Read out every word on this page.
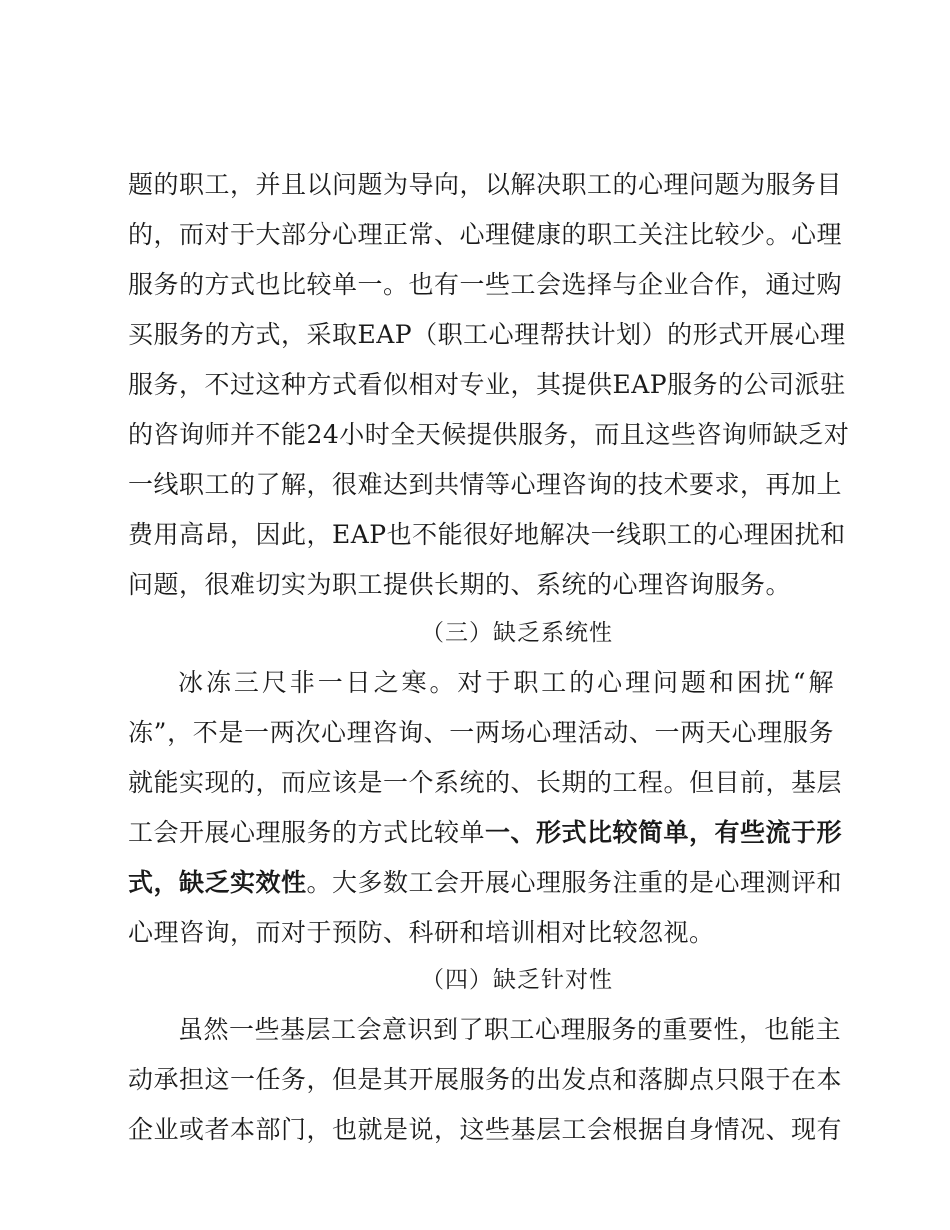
题的职工，并且以问题为导向，以解决职工的心理问题为服务目
的，而对于大部分心理正常、心理健康的职工关注比较少。心理
服务的方式也比较单一。也有一些工会选择与企业合作，通过购
买服务的方式，采取EAP（职工心理帮扶计划）的形式开展心理
服务，不过这种方式看似相对专业，其提供EAP服务的公司派驻
的咨询师并不能24小时全天候提供服务，而且这些咨询师缺乏对
一线职工的了解，很难达到共情等心理咨询的技术要求，再加上
费用高昂，因此，EAP也不能很好地解决一线职工的心理困扰和
问题，很难切实为职工提供长期的、系统的心理咨询服务。
（三）缺乏系统性
冰冻三尺非一日之寒。对于职工的心理问题和困扰“解
冻”，不是一两次心理咨询、一两场心理活动、一两天心理服务
就能实现的，而应该是一个系统的、长期的工程。但目前，基层
工会开展心理服务的方式比较单一、形式比较简单，有些流于形
式，缺乏实效性。大多数工会开展心理服务注重的是心理测评和
心理咨询，而对于预防、科研和培训相对比较忽视。
（四）缺乏针对性
虽然一些基层工会意识到了职工心理服务的重要性，也能主
动承担这一任务，但是其开展服务的出发点和落脚点只限于在本
企业或者本部门，也就是说，这些基层工会根据自身情况、现有
